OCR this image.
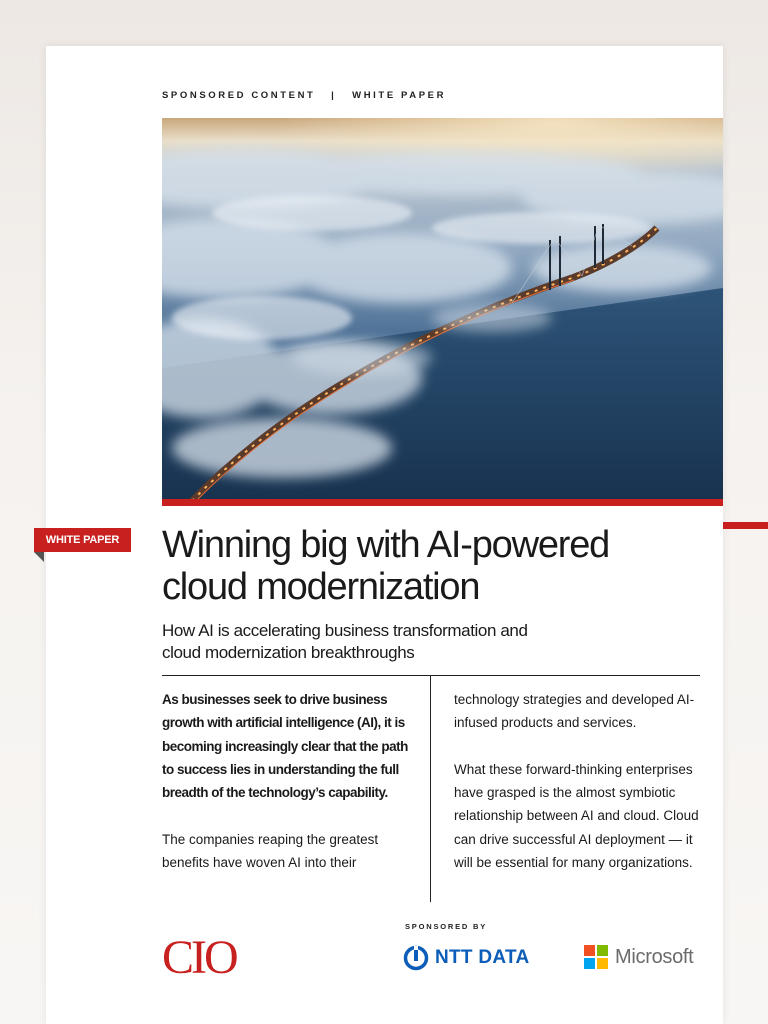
SPONSORED CONTENT   |   WHITE PAPER
WHITE PAPER	Winning big with AI-powered
cloud modernization

How AI is accelerating business transformation and
cloud modernization breakthroughs

As businesses seek to drive business growth with artificial intelligence (AI), it is becoming increasingly clear that the path to success lies in understanding the full breadth of the technology’s capability.

The companies reaping the greatest benefits have woven AI into their

technology strategies and developed AI-infused products and services.

What these forward-thinking enterprises have grasped is the almost symbiotic relationship between AI and cloud. Cloud can drive successful AI deployment — it will be essential for many organizations.

SPONSORED BY
CIO	NTT DATA	Microsoft
